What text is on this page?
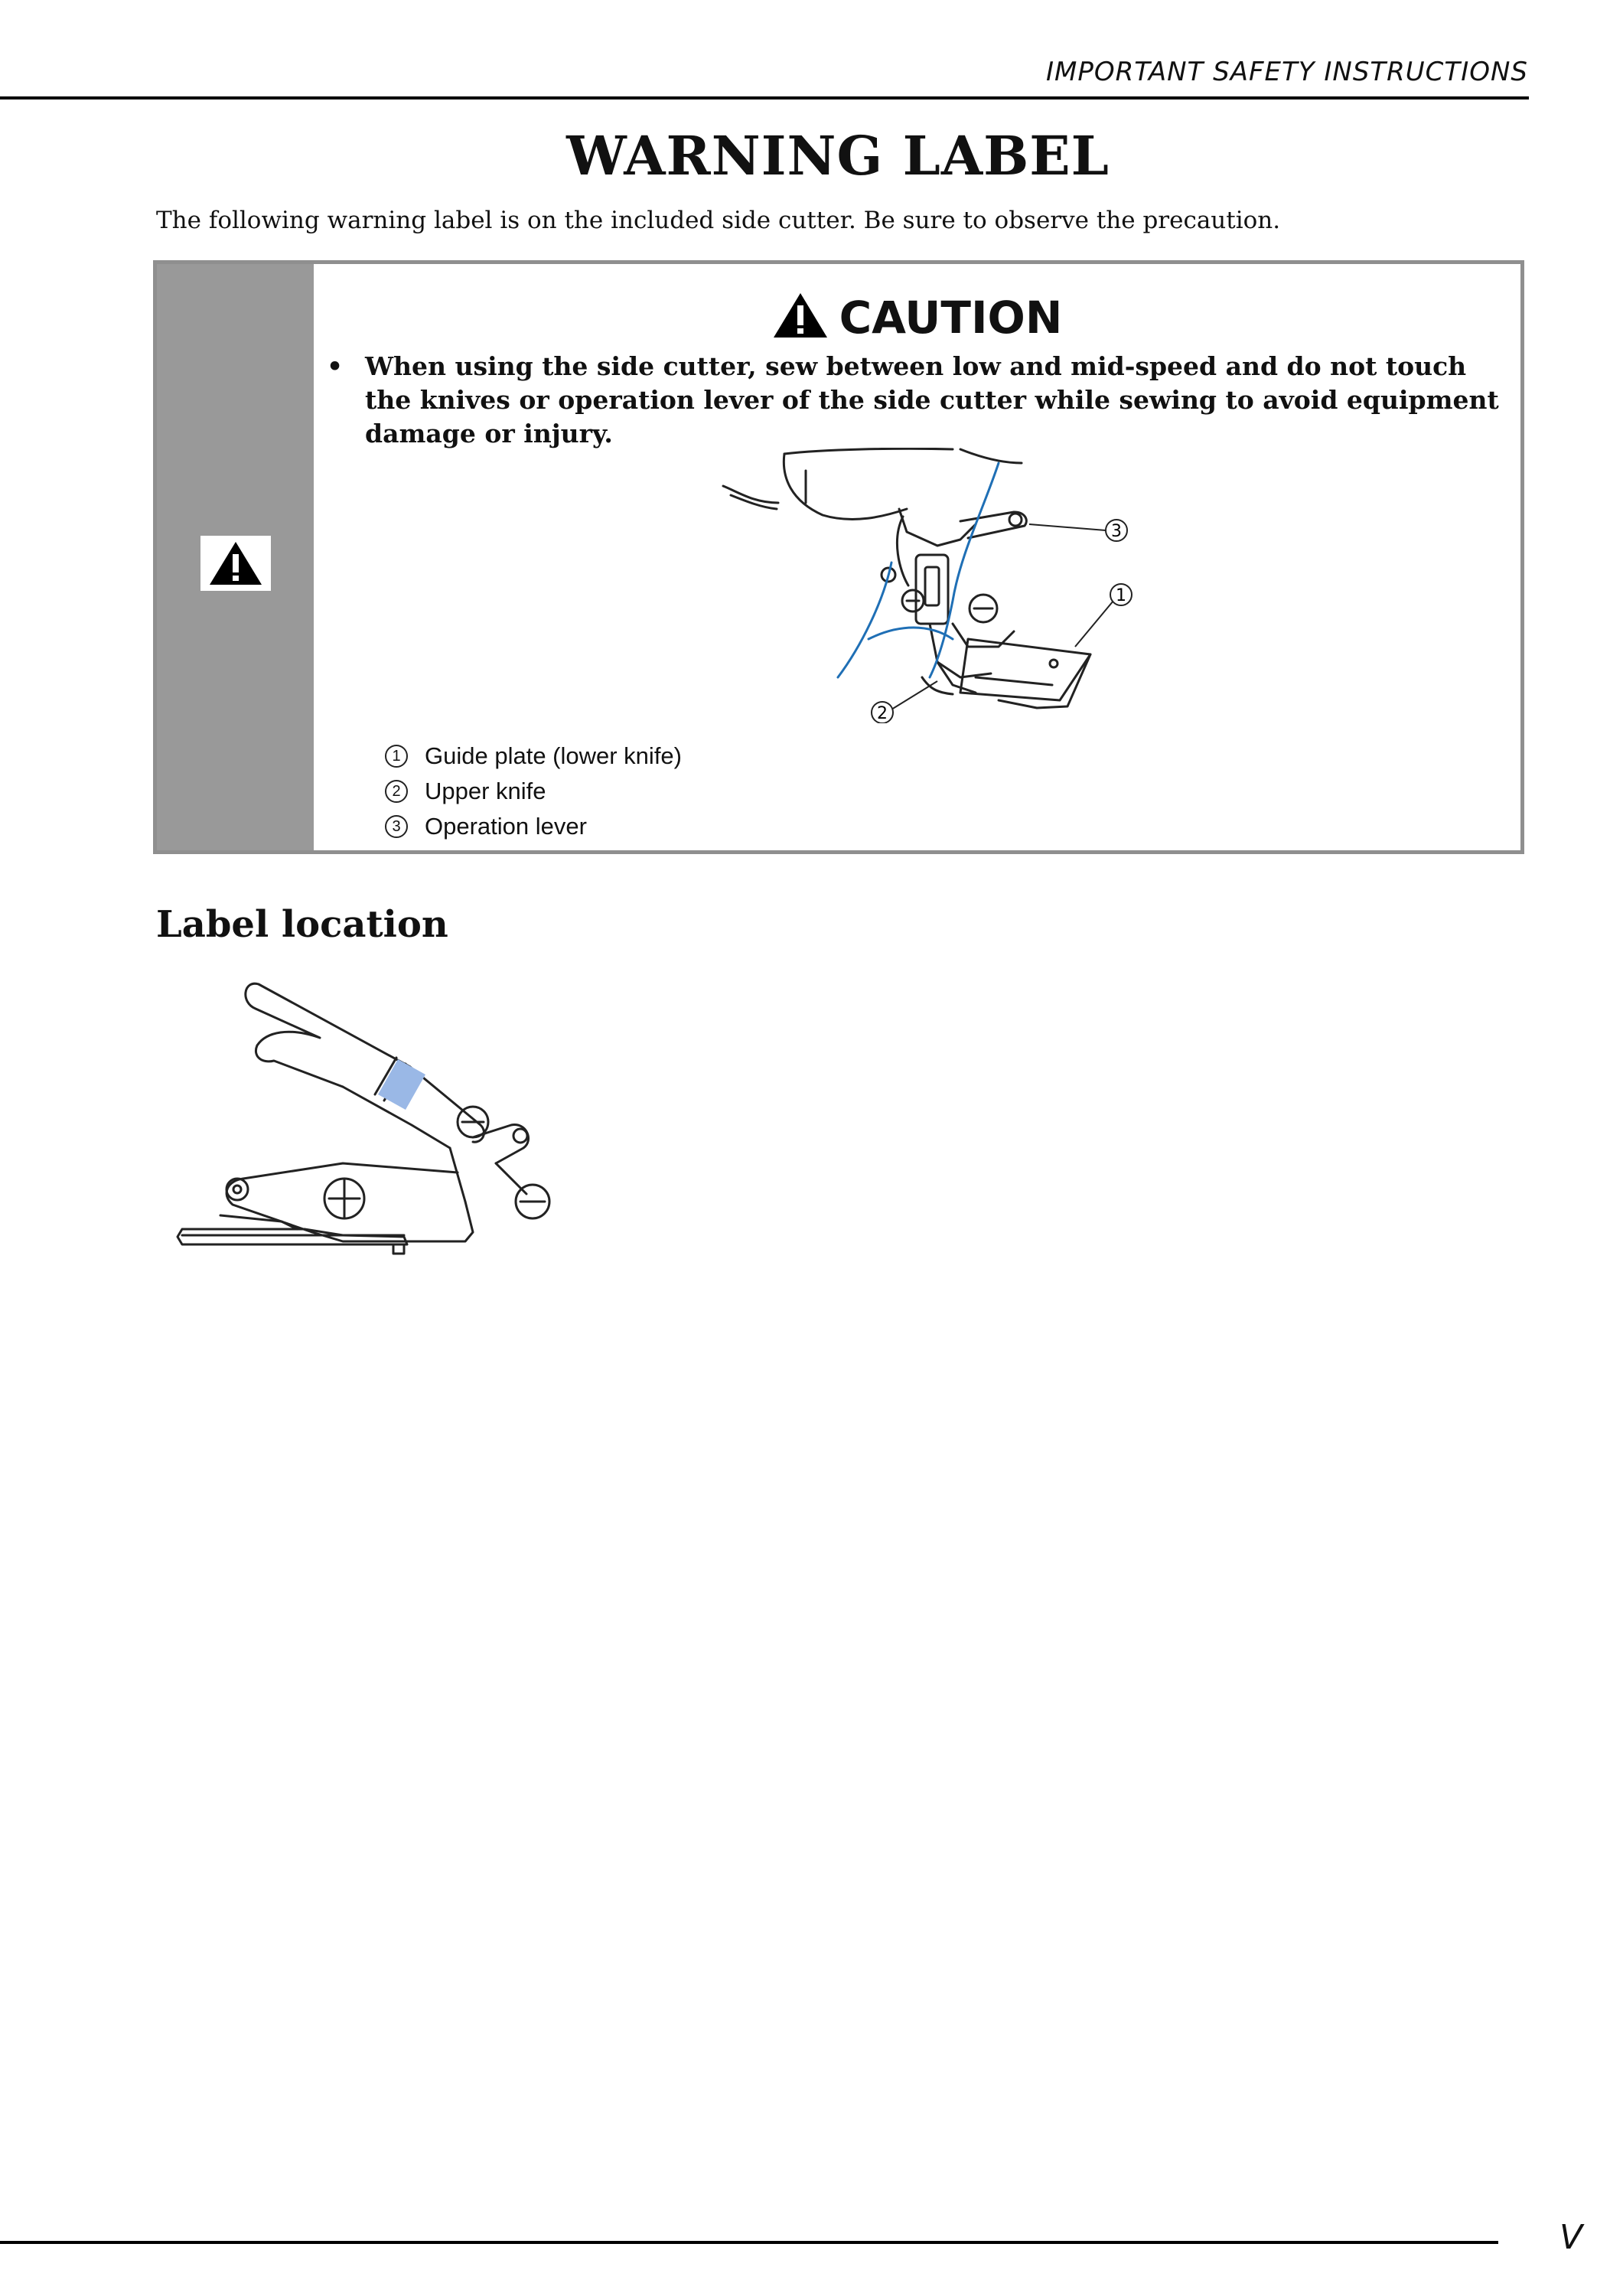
IMPORTANT SAFETY INSTRUCTIONS
WARNING LABEL
The following warning label is on the included side cutter. Be sure to observe the precaution.
CAUTION
• When using the side cutter, sew between low and mid-speed and do not touch the knives or operation lever of the side cutter while sewing to avoid equipment damage or injury.
3
1
2
1	Guide plate (lower knife)
2	Upper knife
3	Operation lever
Label location
V
